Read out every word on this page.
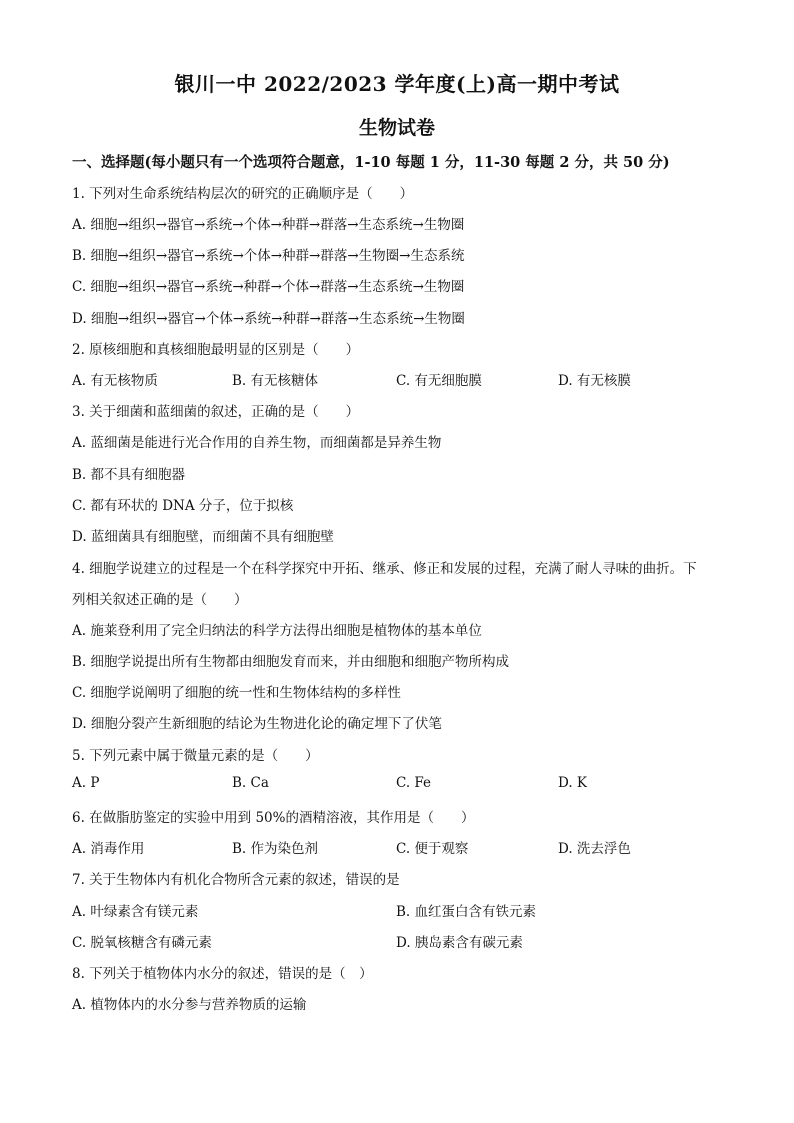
银川一中 2022/2023 学年度(上)高一期中考试
生物试卷
一、选择题(每小题只有一个选项符合题意，1-10 每题 1 分，11-30 每题 2 分，共 50 分)
1. 下列对生命系统结构层次的研究的正确顺序是（　　）
A. 细胞→组织→器官→系统→个体→种群→群落→生态系统→生物圈
B. 细胞→组织→器官→系统→个体→种群→群落→生物圈→生态系统
C. 细胞→组织→器官→系统→种群→个体→群落→生态系统→生物圈
D. 细胞→组织→器官→个体→系统→种群→群落→生态系统→生物圈
2. 原核细胞和真核细胞最明显的区别是（　　）
A. 有无核物质	B. 有无核糖体	C. 有无细胞膜	D. 有无核膜
3. 关于细菌和蓝细菌的叙述，正确的是（　　）
A. 蓝细菌是能进行光合作用的自养生物，而细菌都是异养生物
B. 都不具有细胞器
C. 都有环状的 DNA 分子，位于拟核
D. 蓝细菌具有细胞壁，而细菌不具有细胞壁
4. 细胞学说建立的过程是一个在科学探究中开拓、继承、修正和发展的过程，充满了耐人寻味的曲折。下
列相关叙述正确的是（　　）
A. 施莱登利用了完全归纳法的科学方法得出细胞是植物体的基本单位
B. 细胞学说提出所有生物都由细胞发育而来，并由细胞和细胞产物所构成
C. 细胞学说阐明了细胞的统一性和生物体结构的多样性
D. 细胞分裂产生新细胞的结论为生物进化论的确定埋下了伏笔
5. 下列元素中属于微量元素的是（　　）
A. P	B. Ca	C. Fe	D. K
6. 在做脂肪鉴定的实验中用到 50%的酒精溶液，其作用是（　　）
A. 消毒作用	B. 作为染色剂	C. 便于观察	D. 洗去浮色
7. 关于生物体内有机化合物所含元素的叙述，错误的是
A. 叶绿素含有镁元素	B. 血红蛋白含有铁元素
C. 脱氧核糖含有磷元素	D. 胰岛素含有碳元素
8. 下列关于植物体内水分的叙述，错误的是（　）
A. 植物体内的水分参与营养物质的运输
